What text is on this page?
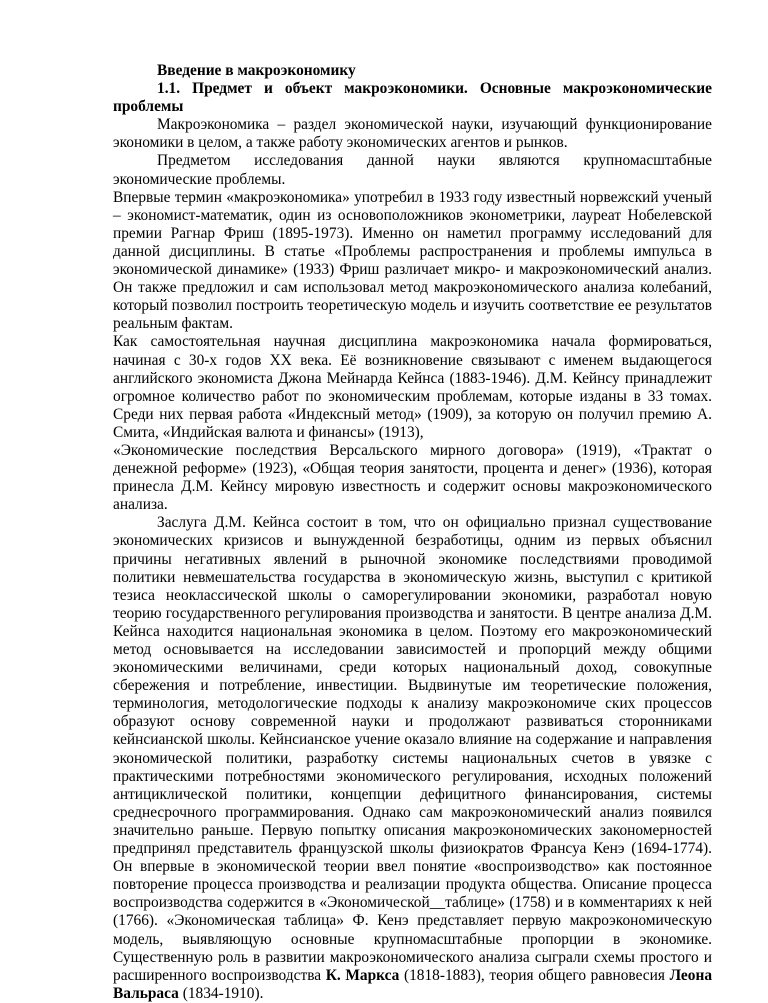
Введение в макроэкономику

1.1. Предмет и объект макроэкономики. Основные макроэкономические проблемы

Макроэкономика – раздел экономической науки, изучающий функционирование экономики в целом, а также работу экономических агентов и рынков.

Предметом исследования данной науки являются крупномасштабные экономические проблемы.

Впервые термин «макроэкономика» употребил в 1933 году известный норвежский ученый – экономист-математик, один из основоположников эконометрики, лауреат Нобелевской премии Рагнар Фриш (1895-1973). Именно он наметил программу исследований для данной дисциплины. В статье «Проблемы распространения и проблемы импульса в экономической динамике» (1933) Фриш различает микро- и макроэкономический анализ. Он также предложил и сам использовал метод макроэкономического анализа колебаний, который позволил построить теоретическую модель и изучить соответствие ее результатов реальным фактам.

Как самостоятельная научная дисциплина макроэкономика начала формироваться, начиная с 30-х годов XX века. Её возникновение связывают с именем выдающегося английского экономиста Джона Мейнарда Кейнса (1883-1946). Д.М. Кейнсу принадлежит огромное количество работ по экономическим проблемам, которые изданы в 33 томах. Среди них первая работа «Индексный метод» (1909), за которую он получил премию А. Смита, «Индийская валюта и финансы» (1913),

«Экономические последствия Версальского мирного договора» (1919), «Трактат о денежной реформе» (1923), «Общая теория занятости, процента и денег» (1936), которая принесла Д.М. Кейнсу мировую известность и содержит основы макроэкономического анализа.

Заслуга Д.М. Кейнса состоит в том, что он официально признал существование экономических кризисов и вынужденной безработицы, одним из первых объяснил причины негативных явлений в рыночной экономике последствиями проводимой политики невмешательства государства в экономическую жизнь, выступил с критикой тезиса неоклассической школы о саморегулировании экономики, разработал новую теорию государственного регулирования производства и занятости. В центре анализа Д.М. Кейнса находится национальная экономика в целом. Поэтому его макроэкономический метод основывается на исследовании зависимостей и пропорций между общими экономическими величинами, среди которых национальный доход, совокупные сбережения и потребление, инвестиции. Выдвинутые им теоретические положения, терминология, методологические подходы к анализу макроэкономиче ских процессов образуют основу современной науки и продолжают развиваться сторонниками кейнсианской школы. Кейнсианское учение оказало влияние на содержание и направления экономической политики, разработку системы национальных счетов в увязке с практическими потребностями экономического регулирования, исходных положений антициклической политики, концепции дефицитного финансирования, системы среднесрочного программирования. Однако сам макроэкономический анализ появился значительно раньше. Первую попытку описания макроэкономических закономерностей предпринял представитель французской школы физиократов Франсуа Кенэ (1694-1774). Он впервые в экономической теории ввел понятие «воспроизводство» как постоянное повторение процесса производства и реализации продукта общества. Описание процесса воспроизводства содержится в «Экономической__таблице» (1758) и в комментариях к ней (1766). «Экономическая таблица» Ф. Кенэ представляет первую макроэкономическую модель, выявляющую основные крупномасштабные пропорции в экономике. Существенную роль в развитии макроэкономического анализа сыграли схемы простого и расширенного воспроизводства К. Маркса (1818-1883), теория общего равновесия Леона Вальраса (1834-1910).
